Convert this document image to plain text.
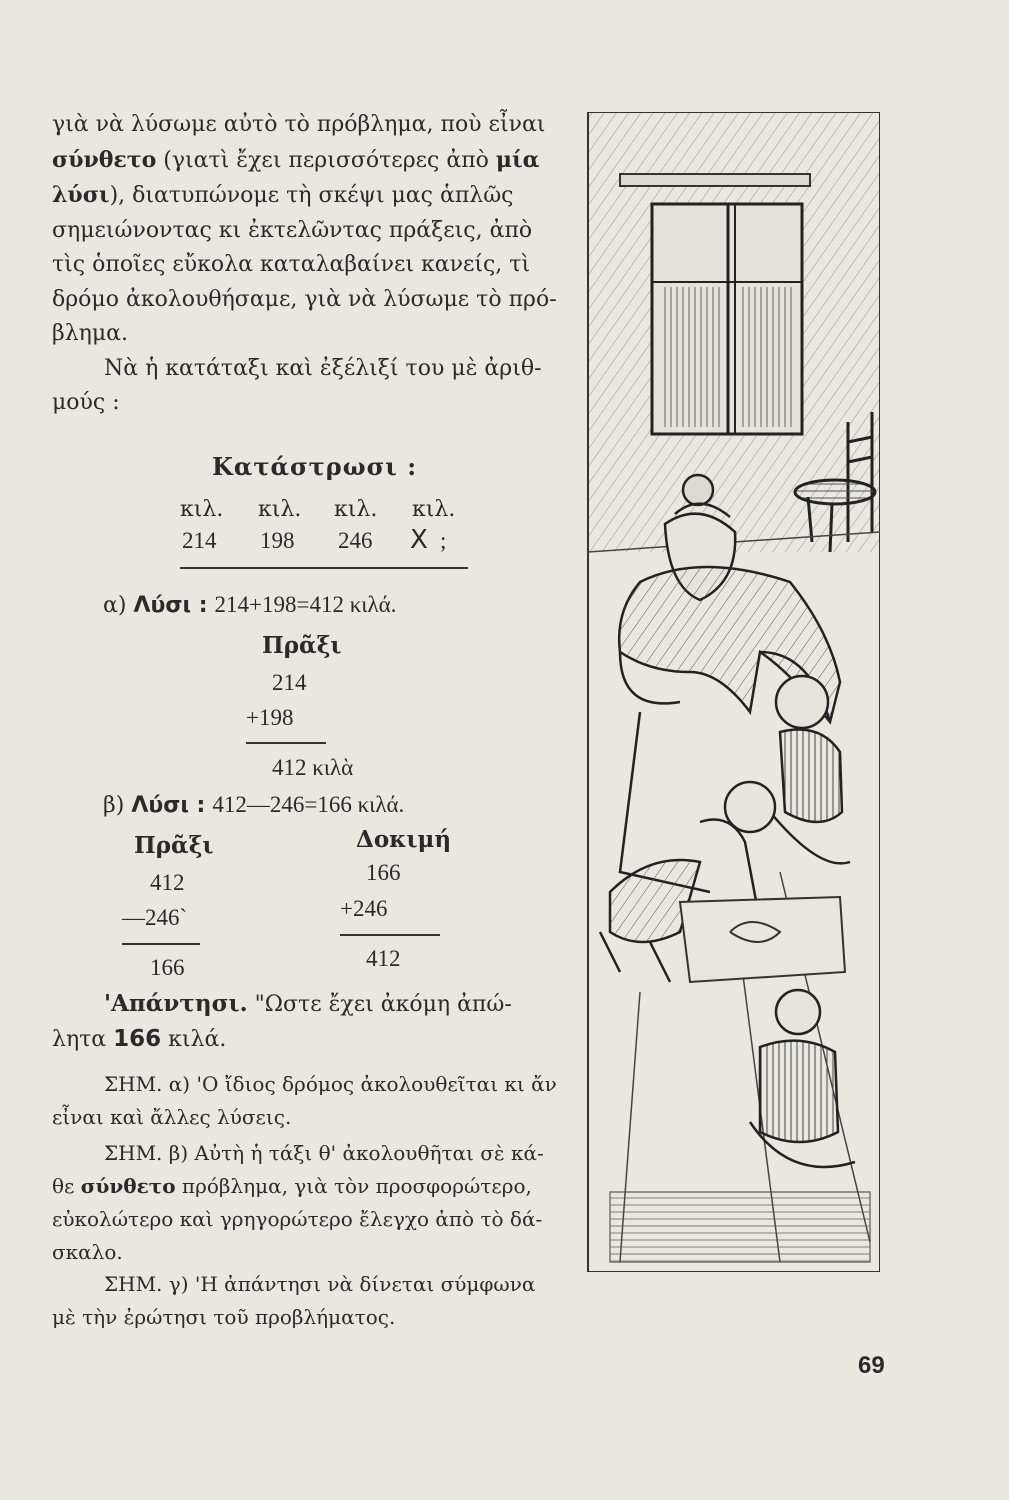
γιὰ νὰ λύσωμε αὐτὸ τὸ πρόβλημα, ποὺ εἶναι

σύνθετο (γιατὶ ἔχει περισσότερες ἀπὸ μία

λύσι), διατυπώνομε τὴ σκέψι μας ἁπλῶς

σημειώνοντας κι ἐκτελῶντας πράξεις, ἀπὸ

τὶς ὁποῖες εὔκολα καταλαβαίνει κανείς, τὶ

δρόμο ἀκολουθήσαμε, γιὰ νὰ λύσωμε τὸ πρό-

βλημα.

Νὰ ἡ κατάταξι καὶ ἐξέλιξί του μὲ ἀριθ-

μούς :

Κατάστρωσι :
κιλ. κιλ. κιλ. κιλ.
214 198 246 X ;
α) Λύσι : 214+198=412 κιλά.
Πρᾶξι
214
+198
412 κιλὰ
β) Λύσι : 412—246=166 κιλά.
Πρᾶξι	Δοκιμή
412	166
—246`	+246
166	412
'Απάντησι. "Ωστε ἔχει ἀκόμη ἀπώ-
λητα 166 κιλά.
ΣΗΜ. α) 'Ο ἴδιος δρόμος ἀκολουθεῖται κι ἄν
εἶναι καὶ ἄλλες λύσεις.
ΣΗΜ. β) Αὐτὴ ἡ τάξι θ' ἀκολουθῆται σὲ κά-
θε σύνθετο πρόβλημα, γιὰ τὸν προσφορώτερο,
εὐκολώτερο καὶ γρηγορώτερο ἔλεγχο ἀπὸ τὸ δά-
σκαλο.
ΣΗΜ. γ) 'Η ἀπάντησι νὰ δίνεται σύμφωνα
μὲ τὴν ἐρώτησι τοῦ προβλήματος.
69
